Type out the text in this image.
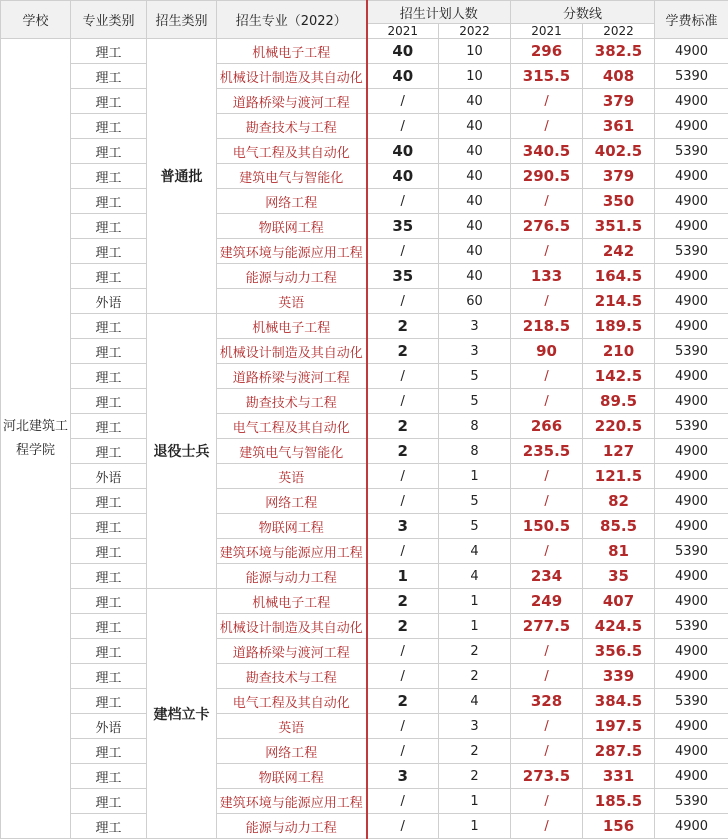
学校	专业类别	招生类别	招生专业（2022）	招生计划人数		分数线		学费标准
				2021	2022	2021	2022	
河北建筑工程学院	理工	普通批	机械电子工程	40	10	296	382.5	4900
	理工		机械设计制造及其自动化	40	10	315.5	408	5390
	理工		道路桥梁与渡河工程	/	40	/	379	4900
	理工		勘查技术与工程	/	40	/	361	4900
	理工		电气工程及其自动化	40	40	340.5	402.5	5390
	理工		建筑电气与智能化	40	40	290.5	379	4900
	理工		网络工程	/	40	/	350	4900
	理工		物联网工程	35	40	276.5	351.5	4900
	理工		建筑环境与能源应用工程	/	40	/	242	5390
	理工		能源与动力工程	35	40	133	164.5	4900
	外语		英语	/	60	/	214.5	4900
	理工	退役士兵	机械电子工程	2	3	218.5	189.5	4900
	理工		机械设计制造及其自动化	2	3	90	210	5390
	理工		道路桥梁与渡河工程	/	5	/	142.5	4900
	理工		勘查技术与工程	/	5	/	89.5	4900
	理工		电气工程及其自动化	2	8	266	220.5	5390
	理工		建筑电气与智能化	2	8	235.5	127	4900
	外语		英语	/	1	/	121.5	4900
	理工		网络工程	/	5	/	82	4900
	理工		物联网工程	3	5	150.5	85.5	4900
	理工		建筑环境与能源应用工程	/	4	/	81	5390
	理工		能源与动力工程	1	4	234	35	4900
	理工	建档立卡	机械电子工程	2	1	249	407	4900
	理工		机械设计制造及其自动化	2	1	277.5	424.5	5390
	理工		道路桥梁与渡河工程	/	2	/	356.5	4900
	理工		勘查技术与工程	/	2	/	339	4900
	理工		电气工程及其自动化	2	4	328	384.5	5390
	外语		英语	/	3	/	197.5	4900
	理工		网络工程	/	2	/	287.5	4900
	理工		物联网工程	3	2	273.5	331	4900
	理工		建筑环境与能源应用工程	/	1	/	185.5	5390
	理工		能源与动力工程	/	1	/	156	4900
